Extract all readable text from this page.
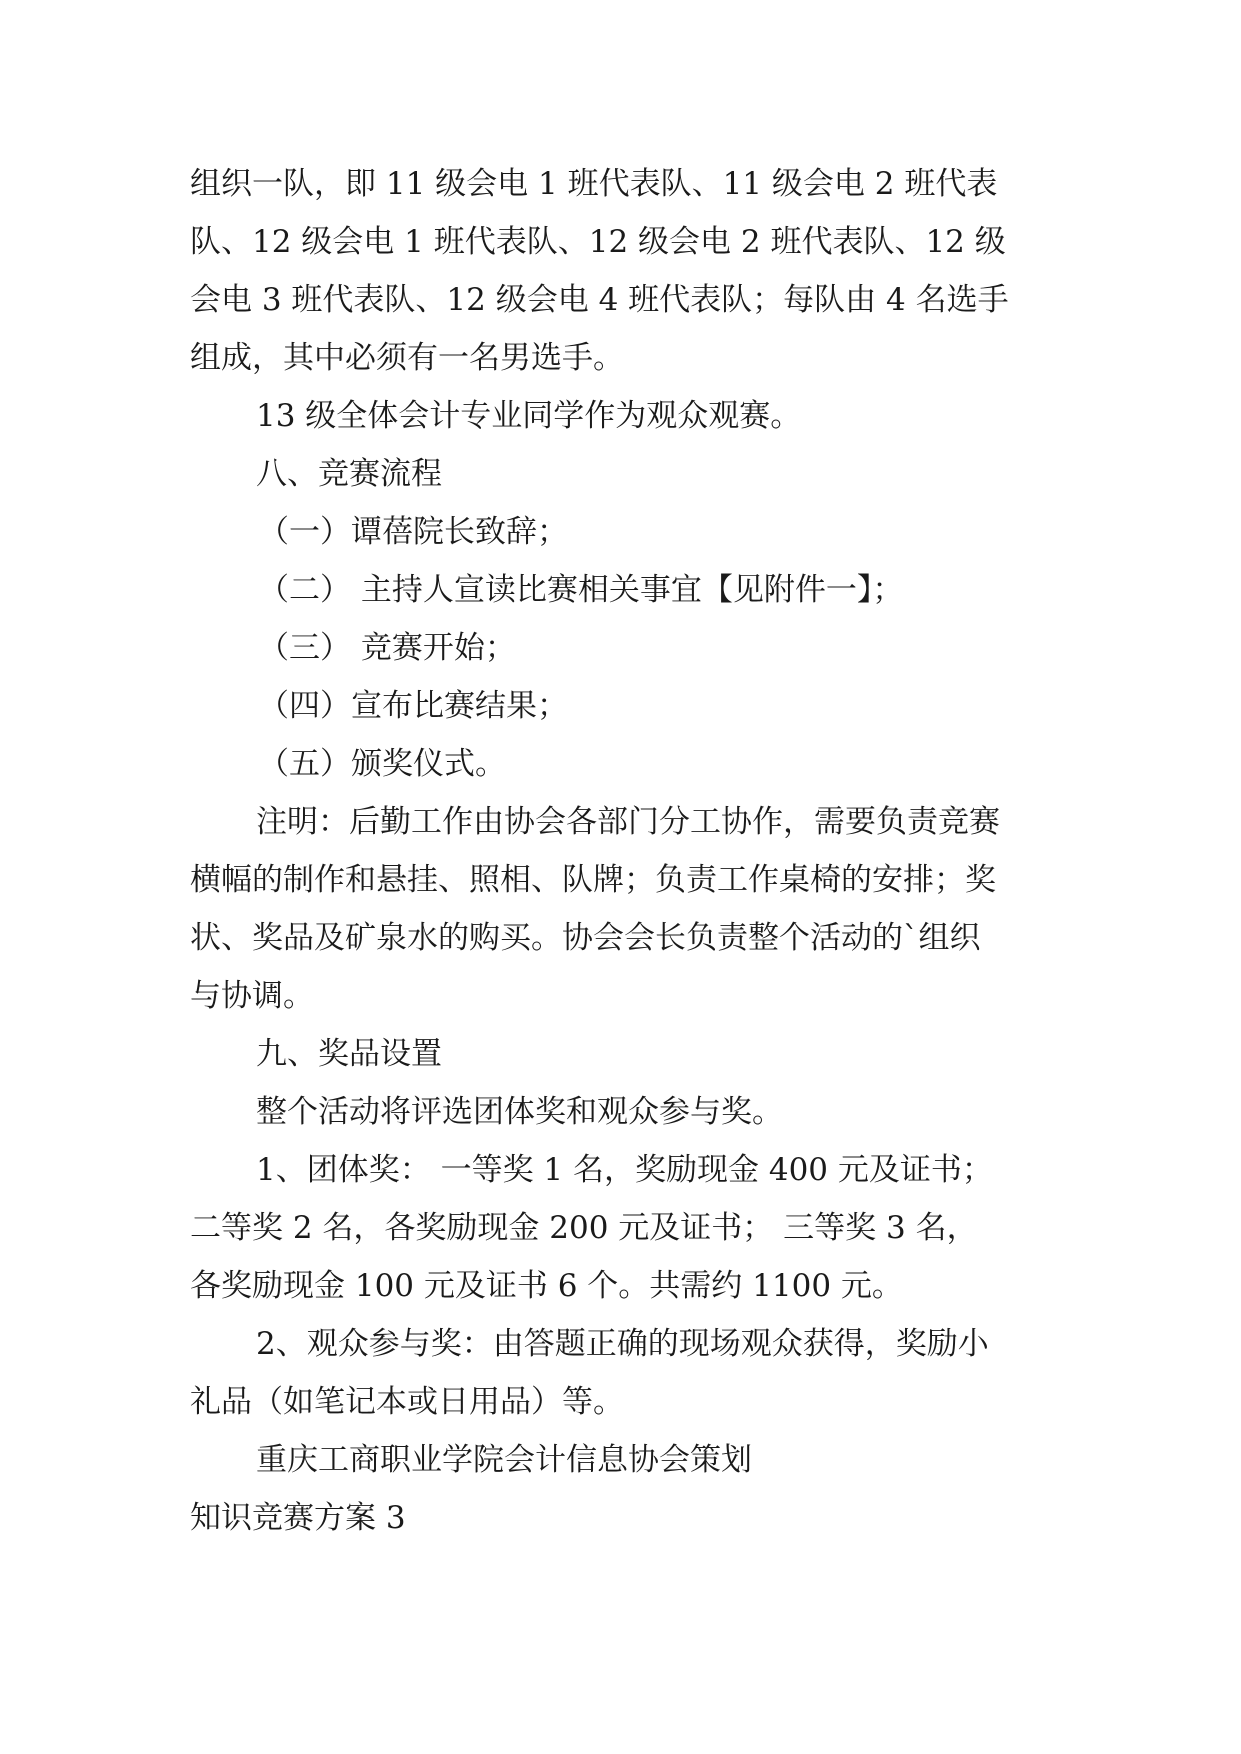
组织一队，即 11 级会电 1 班代表队、11 级会电 2 班代表

队、12 级会电 1 班代表队、12 级会电 2 班代表队、12 级

会电 3 班代表队、12 级会电 4 班代表队；每队由 4 名选手

组成，其中必须有一名男选手。

13 级全体会计专业同学作为观众观赛。

八、竞赛流程

（一）谭蓓院长致辞；

（二） 主持人宣读比赛相关事宜【见附件一】；

（三） 竞赛开始；

（四）宣布比赛结果；

（五）颁奖仪式。

注明：后勤工作由协会各部门分工协作，需要负责竞赛

横幅的制作和悬挂、照相、队牌；负责工作桌椅的安排；奖

状、奖品及矿泉水的购买。协会会长负责整个活动的`组织

与协调。

九、奖品设置

整个活动将评选团体奖和观众参与奖。

1、团体奖： 一等奖 1 名，奖励现金 400 元及证书；

二等奖 2 名，各奖励现金 200 元及证书； 三等奖 3 名，

各奖励现金 100 元及证书 6 个。共需约 1100 元。

2、观众参与奖：由答题正确的现场观众获得，奖励小

礼品（如笔记本或日用品）等。

重庆工商职业学院会计信息协会策划

知识竞赛方案 3
